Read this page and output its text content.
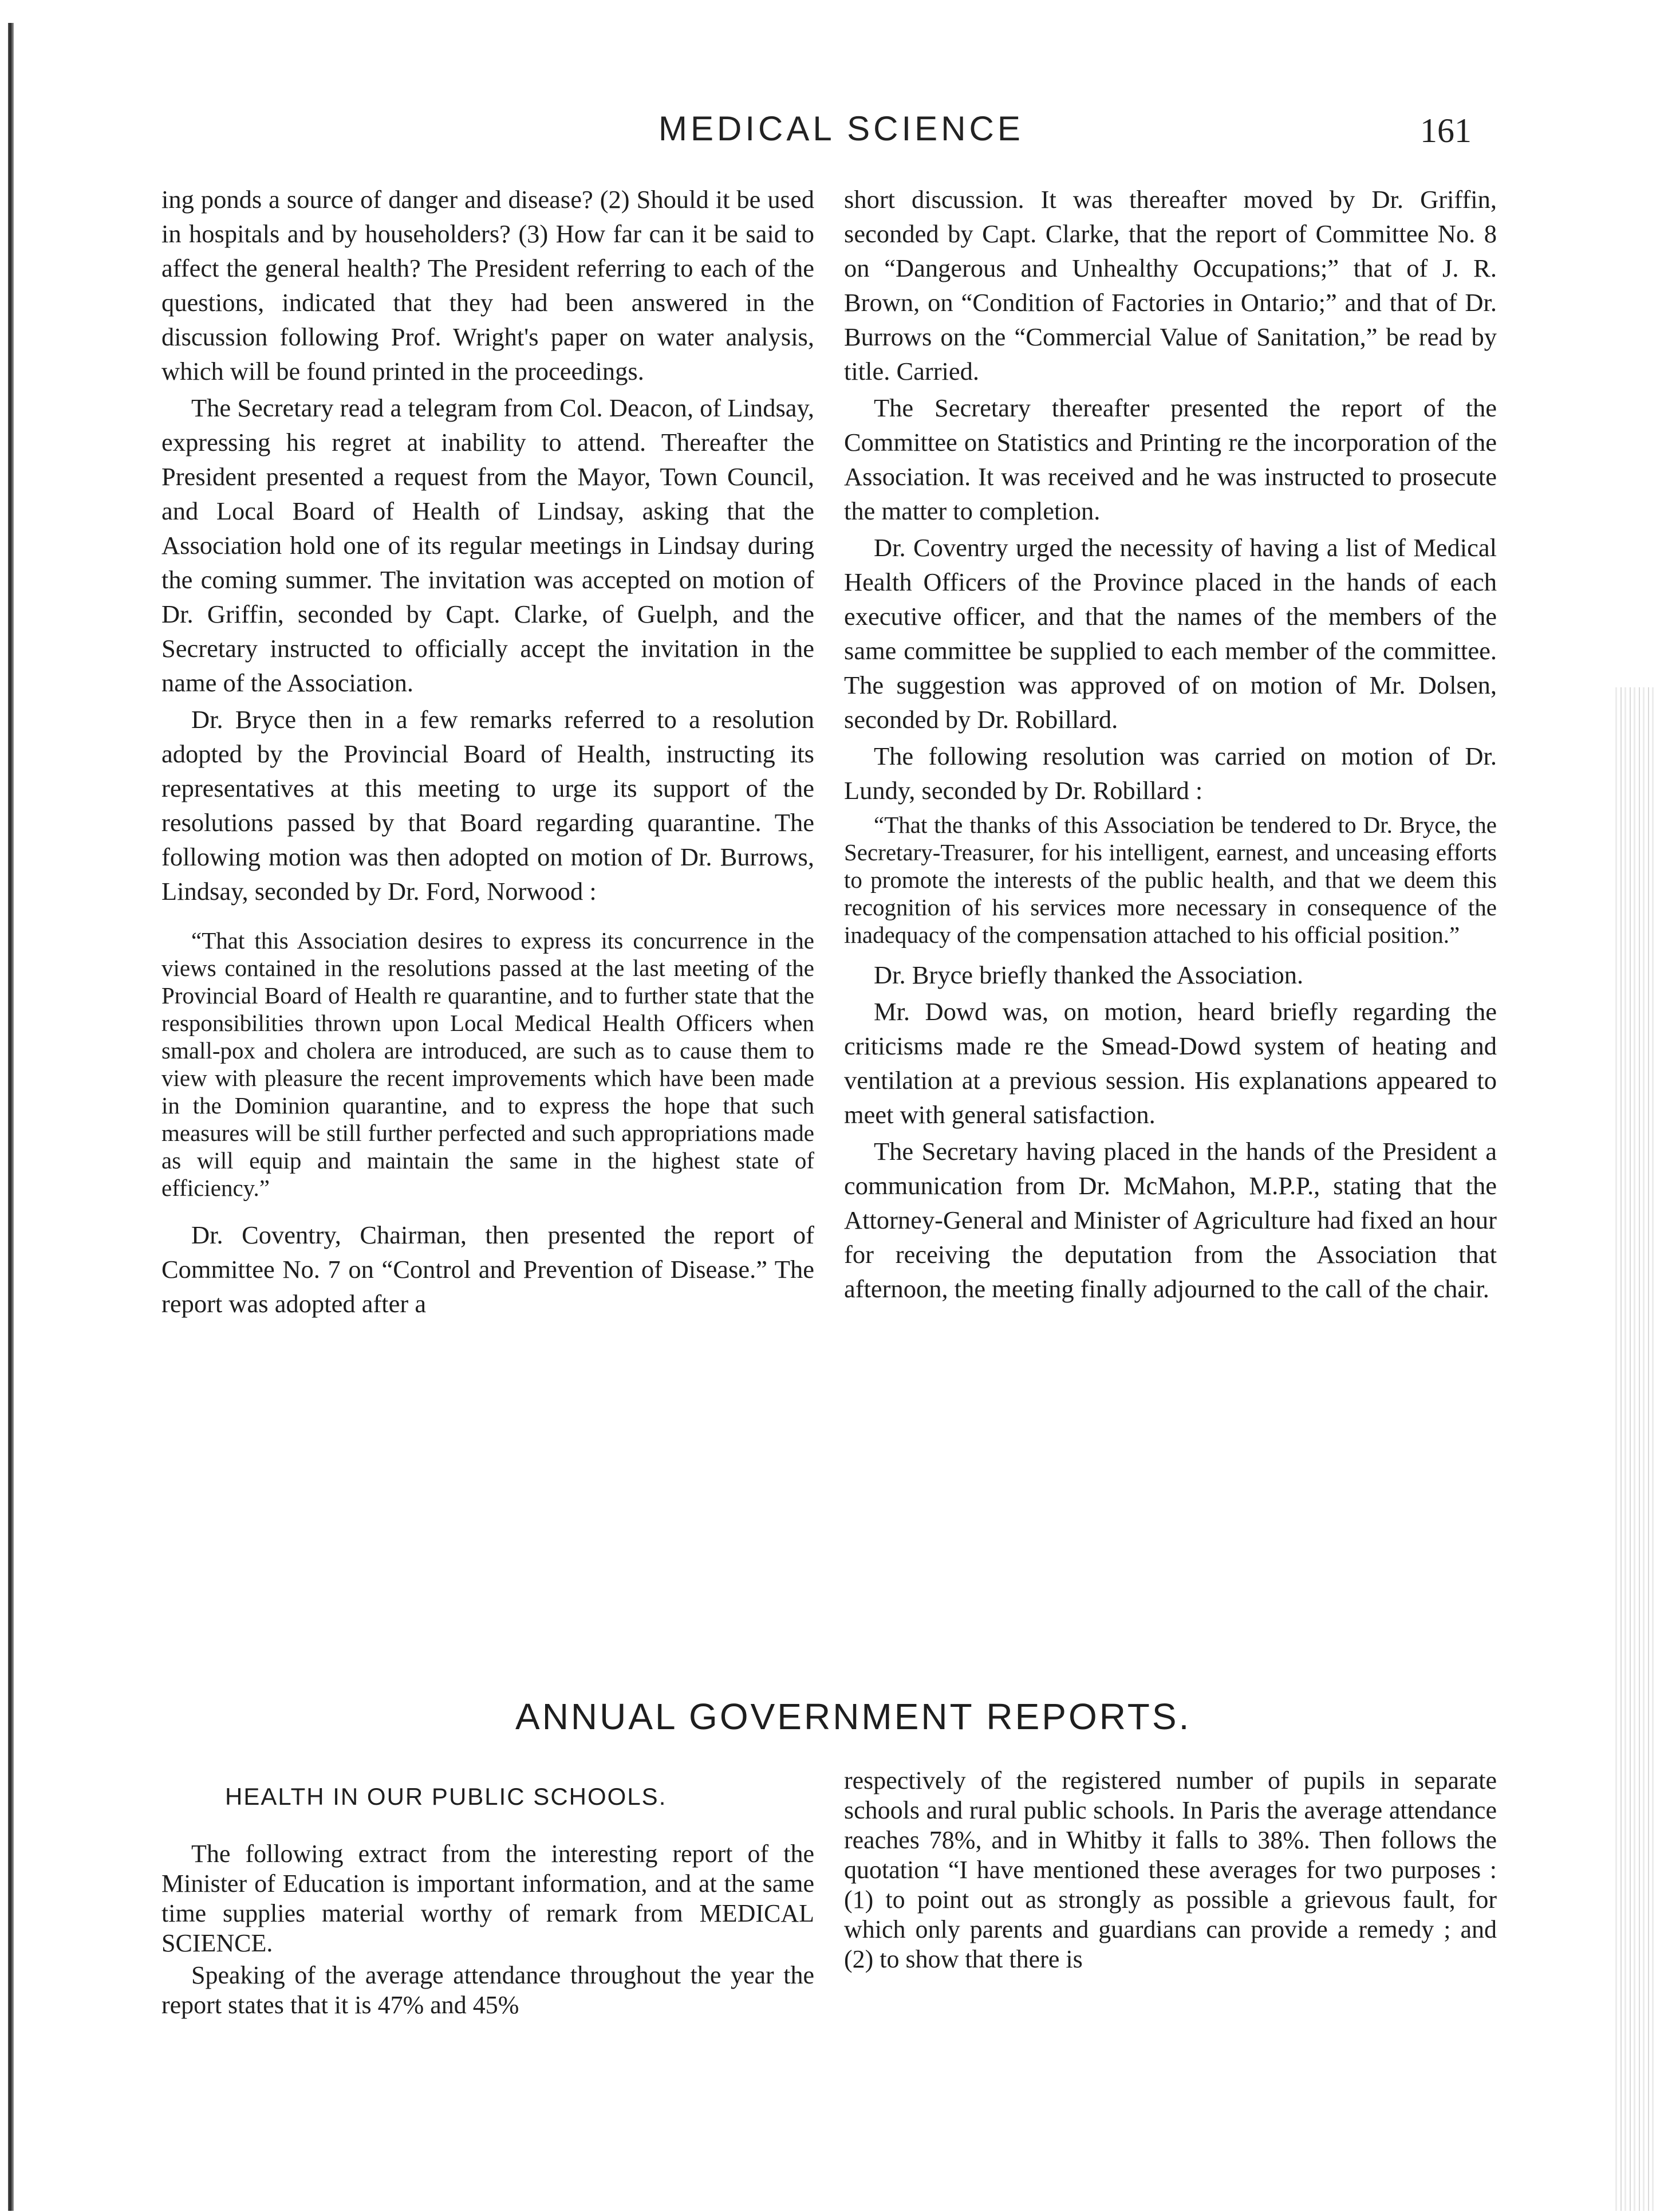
MEDICAL SCIENCE	161

ing ponds a source of danger and disease? (2) Should it be used in hospitals and by householders? (3) How far can it be said to affect the general health? The President referring to each of the questions, indicated that they had been answered in the discussion following Prof. Wright's paper on water analysis, which will be found printed in the proceedings.

The Secretary read a telegram from Col. Deacon, of Lindsay, expressing his regret at inability to attend. Thereafter the President presented a request from the Mayor, Town Council, and Local Board of Health of Lindsay, asking that the Association hold one of its regular meetings in Lindsay during the coming summer. The invitation was accepted on motion of Dr. Griffin, seconded by Capt. Clarke, of Guelph, and the Secretary instructed to officially accept the invitation in the name of the Association.

Dr. Bryce then in a few remarks referred to a resolution adopted by the Provincial Board of Health, instructing its representatives at this meeting to urge its support of the resolutions passed by that Board regarding quarantine. The following motion was then adopted on motion of Dr. Burrows, Lindsay, seconded by Dr. Ford, Norwood :

“That this Association desires to express its concurrence in the views contained in the resolutions passed at the last meeting of the Provincial Board of Health re quarantine, and to further state that the responsibilities thrown upon Local Medical Health Officers when small-pox and cholera are introduced, are such as to cause them to view with pleasure the recent improvements which have been made in the Dominion quarantine, and to express the hope that such measures will be still further perfected and such appropriations made as will equip and maintain the same in the highest state of efficiency.”

Dr. Coventry, Chairman, then presented the report of Committee No. 7 on “Control and Prevention of Disease.” The report was adopted after a

short discussion. It was thereafter moved by Dr. Griffin, seconded by Capt. Clarke, that the report of Committee No. 8 on “Dangerous and Unhealthy Occupations;” that of J. R. Brown, on “Condition of Factories in Ontario;” and that of Dr. Burrows on the “Commercial Value of Sanitation,” be read by title. Carried.

The Secretary thereafter presented the report of the Committee on Statistics and Printing re the incorporation of the Association. It was received and he was instructed to prosecute the matter to completion.

Dr. Coventry urged the necessity of having a list of Medical Health Officers of the Province placed in the hands of each executive officer, and that the names of the members of the same committee be supplied to each member of the committee. The suggestion was approved of on motion of Mr. Dolsen, seconded by Dr. Robillard.

The following resolution was carried on motion of Dr. Lundy, seconded by Dr. Robillard :

“That the thanks of this Association be tendered to Dr. Bryce, the Secretary-Treasurer, for his intelligent, earnest, and unceasing efforts to promote the interests of the public health, and that we deem this recognition of his services more necessary in consequence of the inadequacy of the compensation attached to his official position.”

Dr. Bryce briefly thanked the Association.

Mr. Dowd was, on motion, heard briefly regarding the criticisms made re the Smead-Dowd system of heating and ventilation at a previous session. His explanations appeared to meet with general satisfaction.

The Secretary having placed in the hands of the President a communication from Dr. McMahon, M.P.P., stating that the Attorney-General and Minister of Agriculture had fixed an hour for receiving the deputation from the Association that afternoon, the meeting finally adjourned to the call of the chair.

ANNUAL GOVERNMENT REPORTS.
HEALTH IN OUR PUBLIC SCHOOLS.

The following extract from the interesting report of the Minister of Education is important information, and at the same time supplies material worthy of remark from MEDICAL SCIENCE.

Speaking of the average attendance throughout the year the report states that it is 47% and 45%

respectively of the registered number of pupils in separate schools and rural public schools. In Paris the average attendance reaches 78%, and in Whitby it falls to 38%. Then follows the quotation “I have mentioned these averages for two purposes : (1) to point out as strongly as possible a grievous fault, for which only parents and guardians can provide a remedy ; and (2) to show that there is
